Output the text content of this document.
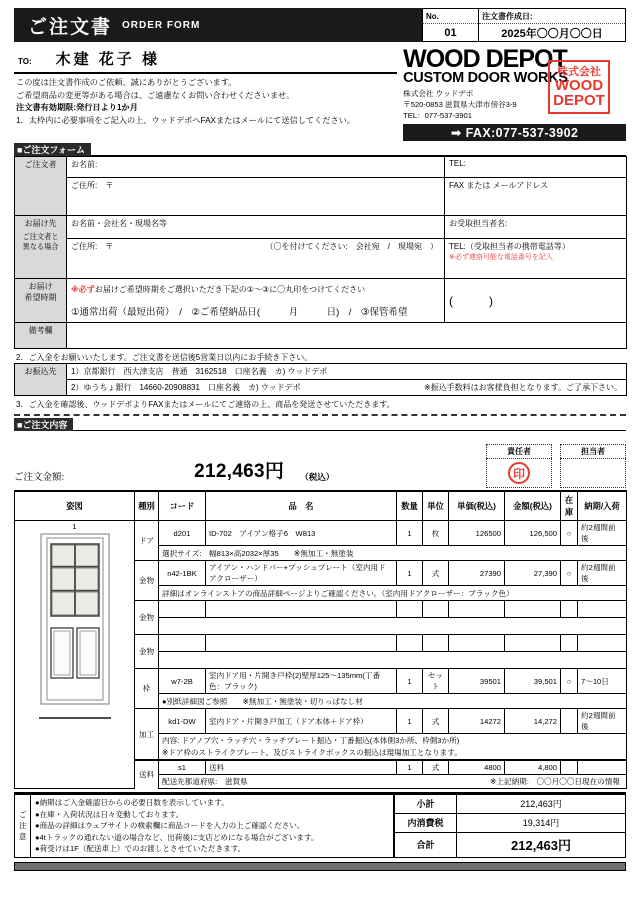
ご注文書 ORDER FORM
No.
01
注文書作成日:
2025年〇〇月〇〇日
TO: 木建 花子 様
この度は注文書作成のご依頼、誠にありがとうございます。
ご希望商品の変更等がある場合は、ご遠慮なくお問い合わせくださいませ。
注文書有効期限:発行日より1か月
1．太枠内に必要事項をご記入の上、ウッドデポへFAXまたはメールにて送信してください。
WOOD DEPOT
CUSTOM DOOR WORKS
株式会社 ウッドデポ
〒520-0853 滋賀県大津市傍谷3-9
TEL：077-537-3901
株式会社
WOOD
DEPOT
➡ FAX:077-537-3902
■ご注文フォーム
ご注文者	お名前:	TEL:
	ご住所:　〒	FAX または メールアドレス
お届け先
ご注文者と
異なる場合	お名前・会社名・現場名等	お受取担当者名:
ご住所:　〒	（〇を付けてください:　会社宛　/　現場宛　）	TEL:（受取担当者の携帯電話等）
※必ず連絡可能な電話番号を記入

お届け
希望時期	
※必ずお届けご希望時期をご選択いただき下記の①～③に〇丸印をつけてください
①通常出荷（最短出荷）　/　②ご希望納品日(　　　月　　　日)　/　③保管希望
	(　　　)
備考欄		
2．ご入金をお願いいたします。ご注文書を送信後5営業日以内にお手続き下さい。
お振込先	1）京都銀行　西大津支店　普通　3162518　口座名義　カ) ウッドデポ
2）ゆうちょ銀行　14660-20908831　口座名義　カ) ウッドデポ	※振込手数料はお客様負担となります。ご了承下さい。
3．ご入金を確認後、ウッドデポよりFAXまたはメールにてご連絡の上、商品を発送させていただきます。
■ご注文内容
ご注文金額:	212,463円 （税込）
責任者
印
担当者
姿図	種別	コード	品　名	数量	単位	単価(税込)	金額(税込)	在庫	納期/入荷

1	ドア	d201	ID-702　アイアン格子6　W813	1	枚	126500	126,500	○	約2週間前後
		選択サイズ:　幅813×高2032×厚35　　※無加工・無塗装							
	金物	n42-1BK	アイアン・ハンドバー+プッシュプレート（室内用ドアクローザー）	1	式	27390	27,390	○	約2週間前後
		詳細はオンラインストアの商品詳細ページよりご確認ください。（室内用ドアクローザー：ブラック色）							
	金物								

	金物								

	枠	w7-2B	室内ドア用・片開き戸枠(2)壁厚125～135mm(丁番色：ブラック)	1	セット	39501	39,501	○	7～10日
		●別紙詳細図ご参照　　※無加工・無塗装・切りっぱなし材							
	加工	kd1-DW	室内ドア・片開き戸加工（ドア本体＋ドア枠）	1	式	14272	14,272		約2週間前後

		内容: ドアノブ穴・ラッチ穴・ラッチプレート掘込・丁番掘込(本体側3か所、枠側3か所)
※ドア枠のストライクプレート、及びストライクボックスの掘込は現場加工となります。							

	送料	s1	送料	1	式	4800	4,800		
		配送先都道府県:　滋賀県 ※上記納期:　〇〇月〇〇日現在の情報							
ご
注
意	
●納期はご入金確認日からの必要日数を表示しています。
●在庫・入荷状況は日々変動しております。
●商品の詳細はウェブサイトの検索欄に商品コードを入力の上ご確認ください。
●4tトラックの通れない道の場合など、出荷後に支店どめになる場合がございます。
●荷受けは1F（配送車上）でのお渡しとさせていただきます。
小計	212,463円
内消費税	19,314円
合計	212,463円
